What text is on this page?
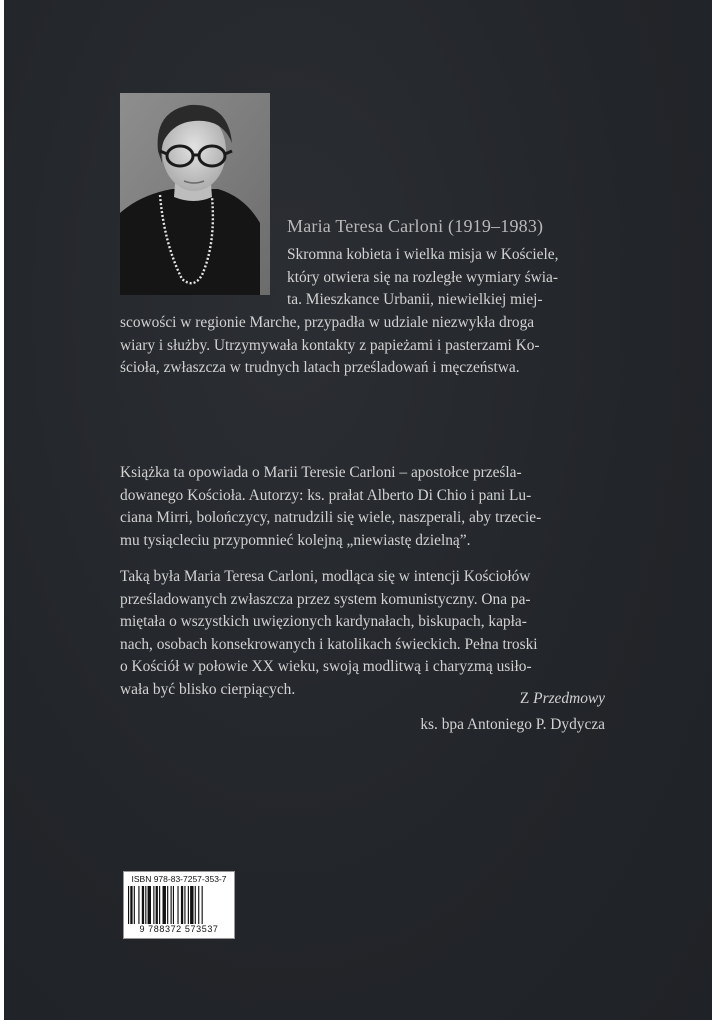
Maria Teresa Carloni (1919–1983)

Skromna kobieta i wielka misja w Kościele,
który otwiera się na rozległe wymiary świa-
ta. Mieszkance Urbanii, niewielkiej miej-

scowości w regionie Marche, przypadła w udziale niezwykła droga
wiary i służby. Utrzymywała kontakty z papieżami i pasterzami Ko-
ścioła, zwłaszcza w trudnych latach prześladowań i męczeństwa.

Książka ta opowiada o Marii Teresie Carloni – apostołce prześla-
dowanego Kościoła. Autorzy: ks. prałat Alberto Di Chio i pani Lu-
ciana Mirri, bolończycy, natrudzili się wiele, naszperali, aby trzecie-
mu tysiącleciu przypomnieć kolejną „niewiastę dzielną”.

Taką była Maria Teresa Carloni, modląca się w intencji Kościołów
prześladowanych zwłaszcza przez system komunistyczny. Ona pa-
miętała o wszystkich uwięzionych kardynałach, biskupach, kapła-
nach, osobach konsekrowanych i katolikach świeckich. Pełna troski
o Kościół w połowie XX wieku, swoją modlitwą i charyzmą usiło-
wała być blisko cierpiących.

Z Przedmowy
ks. bpa Antoniego P. Dydycza
ISBN 978-83-7257-353-7
9 788372 573537
